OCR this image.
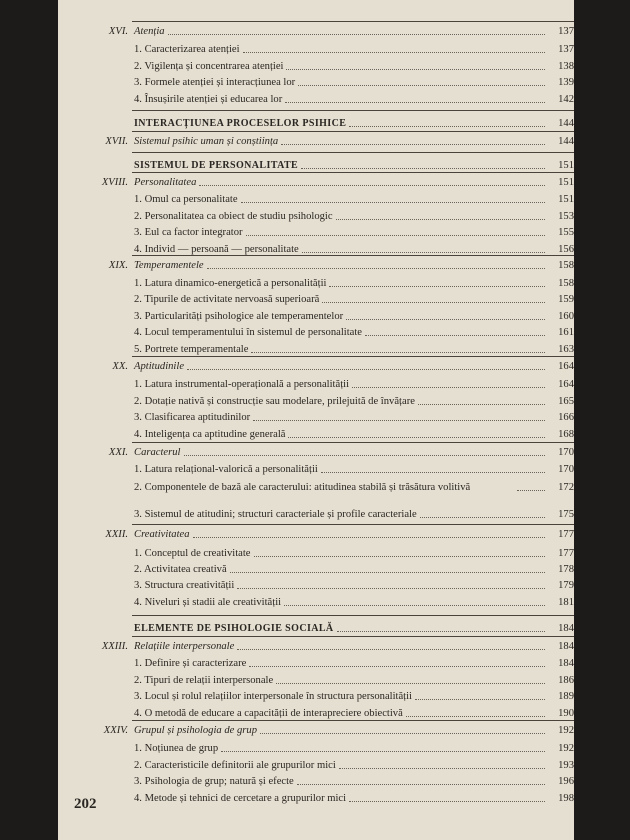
XVI. Atenția	137
1. Caracterizarea atenției	137
2. Vigilența și concentrarea atenției	138
3. Formele atenției și interacțiunea lor	139
4. Însușirile atenției și educarea lor	142
INTERACȚIUNEA PROCESELOR PSIHICE	144
XVII. Sistemul psihic uman și conștiința	144
SISTEMUL DE PERSONALITATE	151
XVIII. Personalitatea	151
1. Omul ca personalitate	151
2. Personalitatea ca obiect de studiu psihologic	153
3. Eul ca factor integrator	155
4. Individ — persoană — personalitate	156
XIX. Temperamentele	158
1. Latura dinamico-energetică a personalității	158
2. Tipurile de activitate nervoasă superioară	159
3. Particularități psihologice ale temperamentelor	160
4. Locul temperamentului în sistemul de personalitate	161
5. Portrete temperamentale	163
XX. Aptitudinile	164
1. Latura instrumental-operațională a personalității	164
2. Dotație nativă și construcție sau modelare, prilejuită de învățare	165
3. Clasificarea aptitudinilor	166
4. Inteligența ca aptitudine generală	168
XXI. Caracterul	170
1. Latura relațional-valorică a personalității	170
2. Componentele de bază ale caracterului: atitudinea stabilă și trăsătura volitivă	172
3. Sistemul de atitudini; structuri caracteriale și profile caracteriale	175
XXII. Creativitatea	177
1. Conceptul de creativitate	177
2. Activitatea creativă	178
3. Structura creativității	179
4. Niveluri și stadii ale creativității	181
ELEMENTE DE PSIHOLOGIE SOCIALĂ	184
XXIII. Relațiile interpersonale	184
1. Definire și caracterizare	184
2. Tipuri de relații interpersonale	186
3. Locul și rolul relațiilor interpersonale în structura personalității	189
4. O metodă de educare a capacității de interapreciere obiectivă	190
XXIV. Grupul și psihologia de grup	192
1. Noțiunea de grup	192
2. Caracteristicile definitorii ale grupurilor mici	193
3. Psihologia de grup; natură și efecte	196
4. Metode și tehnici de cercetare a grupurilor mici	198
202
